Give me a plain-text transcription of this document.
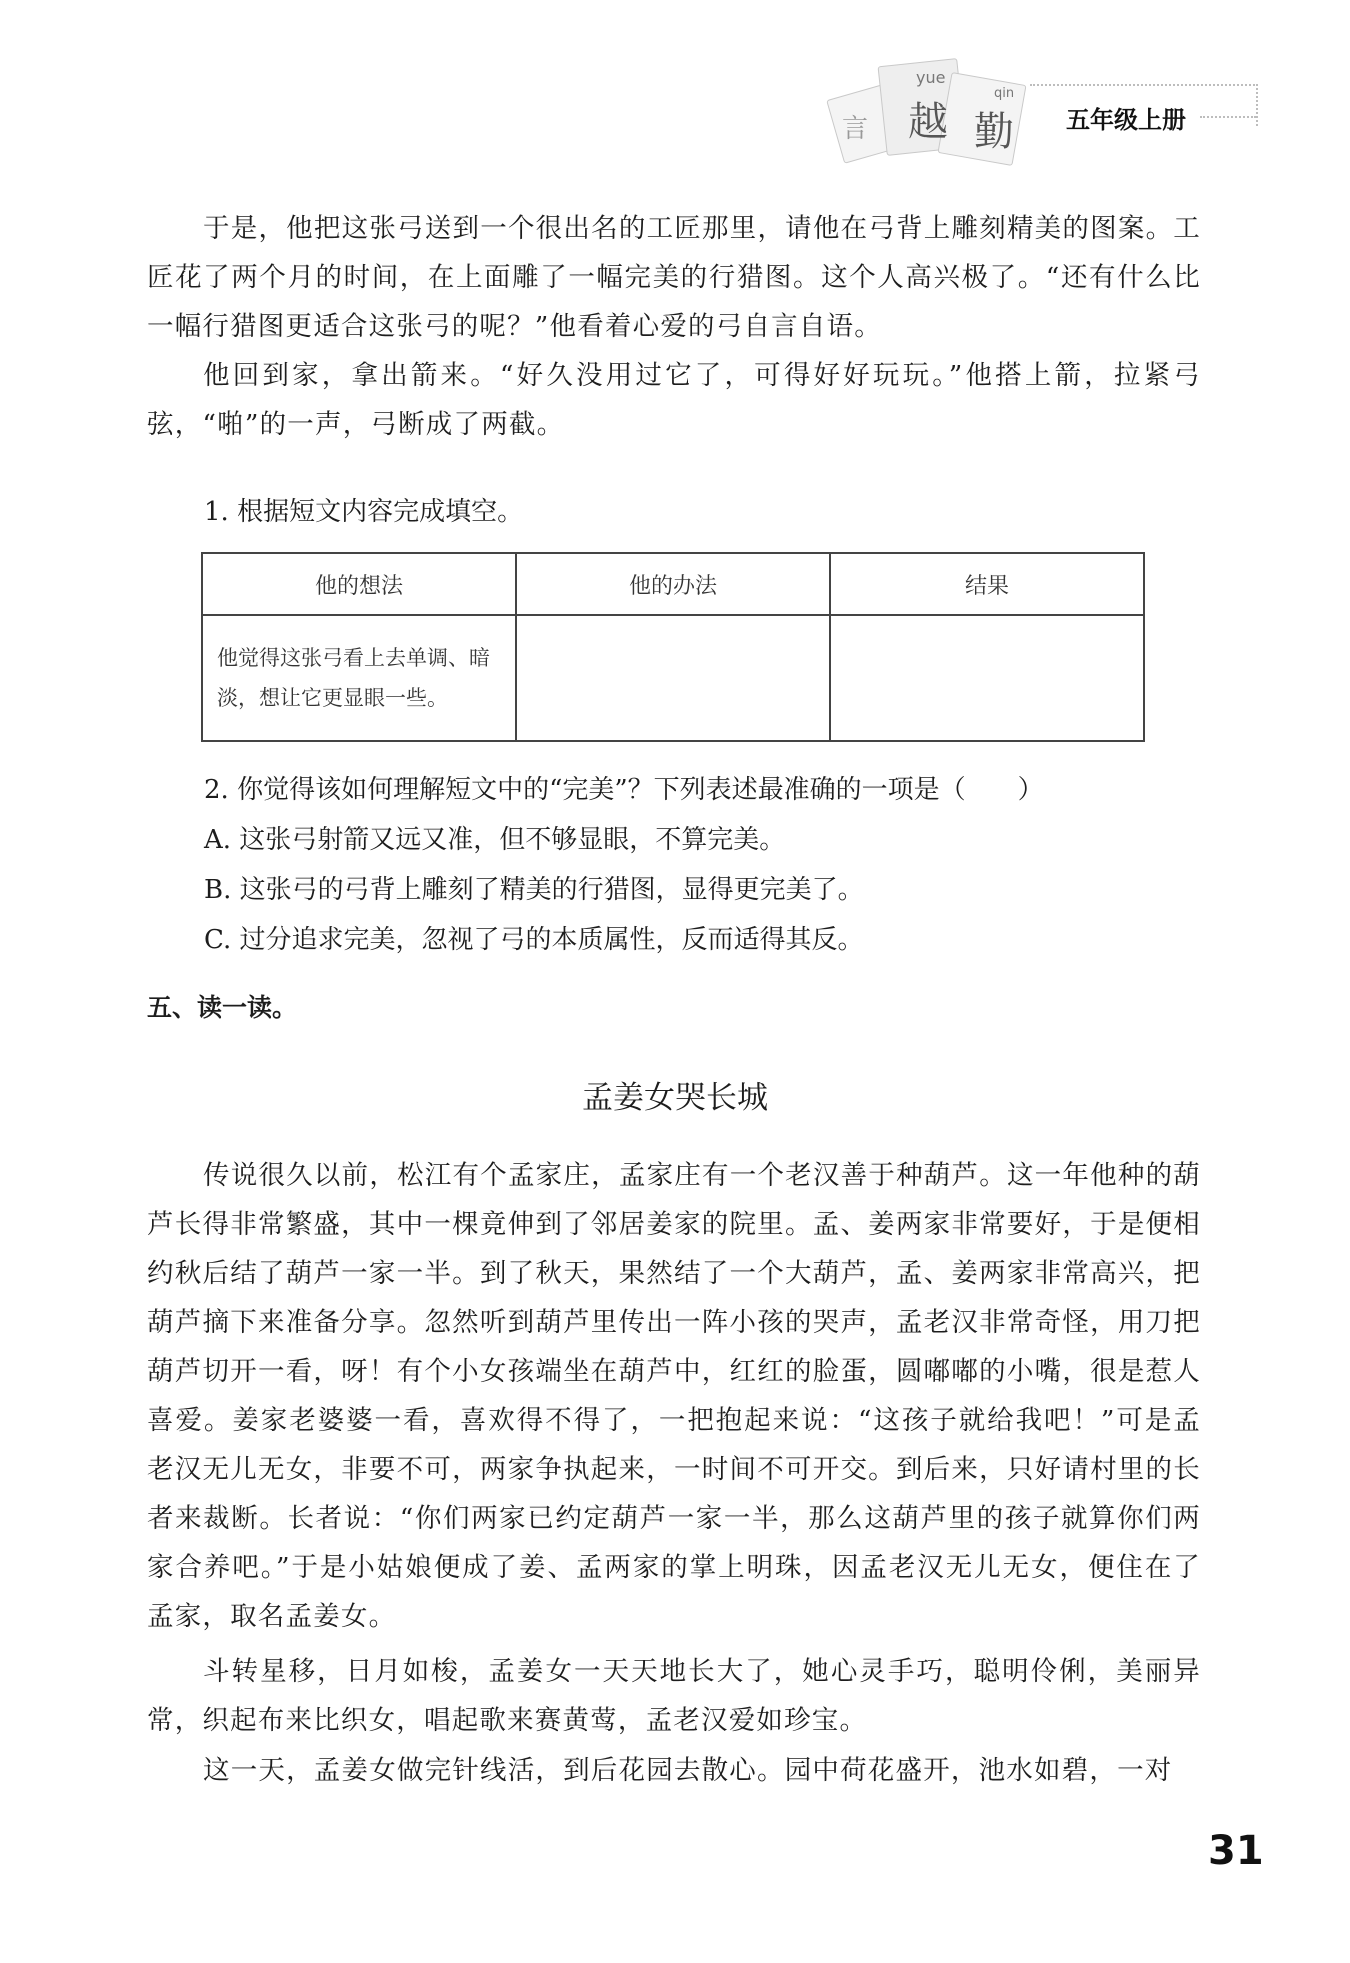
言
yue
越
qin
勤 五年级上册

于是，他把这张弓送到一个很出名的工匠那里，请他在弓背上雕刻精美的图案。工匠花了两个月的时间，在上面雕了一幅完美的行猎图。这个人高兴极了。“还有什么比一幅行猎图更适合这张弓的呢？”他看着心爱的弓自言自语。

他回到家，拿出箭来。“好久没用过它了，可得好好玩玩。”他搭上箭，拉紧弓弦，“啪”的一声，弓断成了两截。

1. 根据短文内容完成填空。

他的想法	他的办法	结果
他觉得这张弓看上去单调、暗淡，想让它更显眼一些。		

2. 你觉得该如何理解短文中的“完美”？下列表述最准确的一项是（　　）

A. 这张弓射箭又远又准，但不够显眼，不算完美。

B. 这张弓的弓背上雕刻了精美的行猎图，显得更完美了。

C. 过分追求完美，忽视了弓的本质属性，反而适得其反。

五、读一读。
孟姜女哭长城

传说很久以前，松江有个孟家庄，孟家庄有一个老汉善于种葫芦。这一年他种的葫芦长得非常繁盛，其中一棵竟伸到了邻居姜家的院里。孟、姜两家非常要好，于是便相约秋后结了葫芦一家一半。到了秋天，果然结了一个大葫芦，孟、姜两家非常高兴，把葫芦摘下来准备分享。忽然听到葫芦里传出一阵小孩的哭声，孟老汉非常奇怪，用刀把葫芦切开一看，呀！有个小女孩端坐在葫芦中，红红的脸蛋，圆嘟嘟的小嘴，很是惹人喜爱。姜家老婆婆一看，喜欢得不得了，一把抱起来说：“这孩子就给我吧！”可是孟老汉无儿无女，非要不可，两家争执起来，一时间不可开交。到后来，只好请村里的长者来裁断。长者说：“你们两家已约定葫芦一家一半，那么这葫芦里的孩子就算你们两家合养吧。”于是小姑娘便成了姜、孟两家的掌上明珠，因孟老汉无儿无女，便住在了孟家，取名孟姜女。

斗转星移，日月如梭，孟姜女一天天地长大了，她心灵手巧，聪明伶俐，美丽异常，织起布来比织女，唱起歌来赛黄莺，孟老汉爱如珍宝。

这一天，孟姜女做完针线活，到后花园去散心。园中荷花盛开，池水如碧，一对

31
